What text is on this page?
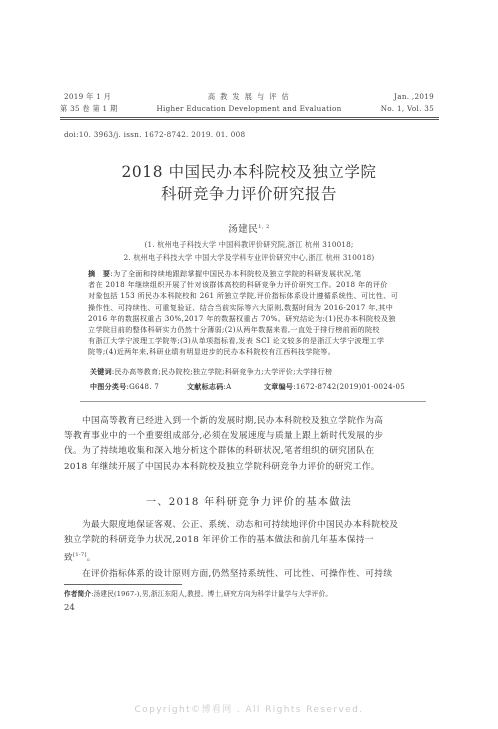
2019 年 1 月
第 35 卷 第 1 期
高 教 发 展 与 评 估
Higher Education Development and Evaluation
Jan. ,2019
No. 1, Vol. 35
doi:10. 3963/j. issn. 1672-8742. 2019. 01. 008
2018 中国民办本科院校及独立学院
科研竞争力评价研究报告
汤建民$^{1, 2}$
(1. 杭州电子科技大学 中国科教评价研究院,浙江 杭州 310018;
2. 杭州电子科技大学 中国大学及学科专业评价研究中心,浙江 杭州 310018)
摘　要:为了全面和持续地跟踪掌握中国民办本科院校及独立学院的科研发展状况,笔
者在 2018 年继续组织开展了针对该群体高校的科研竞争力评价研究工作。2018 年的评价
对象包括 153 所民办本科院校和 261 所独立学院,评价指标体系设计遵循系统性、可比性、可
操作性、可持续性、可重复验证、结合当前实际等六大原则,数据时间为 2016-2017 年,其中
2016 年的数据权重占 30%,2017 年的数据权重占 70%。研究结论为:(1)民办本科院校及独
立学院目前的整体科研实力仍然十分薄弱;(2)从两年数据来看,一直处于排行榜前面的院校
有浙江大学宁波理工学院等;(3)从单项指标看,发表 SCI 论文较多的是浙江大学宁波理工学
院等;(4)近两年来,科研业绩有明显进步的民办本科院校有江西科技学院等。
关键词:民办高等教育;民办院校;独立学院;科研竞争力;大学评价;大学排行榜
中图分类号:G648. 7	文献标志码:A	文章编号:1672-8742(2019)01-0024-05
中国高等教育已经进入到一个新的发展时期,民办本科院校及独立学院作为高
等教育事业中的一个重要组成部分,必须在发展速度与质量上跟上新时代发展的步
伐。为了持续地收集和深入地分析这个群体的科研状况,笔者组织的研究团队在
2018 年继续开展了中国民办本科院校及独立学院科研竞争力评价的研究工作。
一、2018 年科研竞争力评价的基本做法
为最大限度地保证客观、公正、系统、动态和可持续地评价中国民办本科院校及
独立学院的科研竞争力状况,2018 年评价工作的基本做法和前几年基本保持一
致[1-7]。
在评价指标体系的设计原则方面,仍然坚持系统性、可比性、可操作性、可持续
作者简介:汤建民(1967-),男,浙江东阳人,教授、博士,研究方向为科学计量学与大学评价。
24
Copyright©博看网 . All Rights Reserved.
